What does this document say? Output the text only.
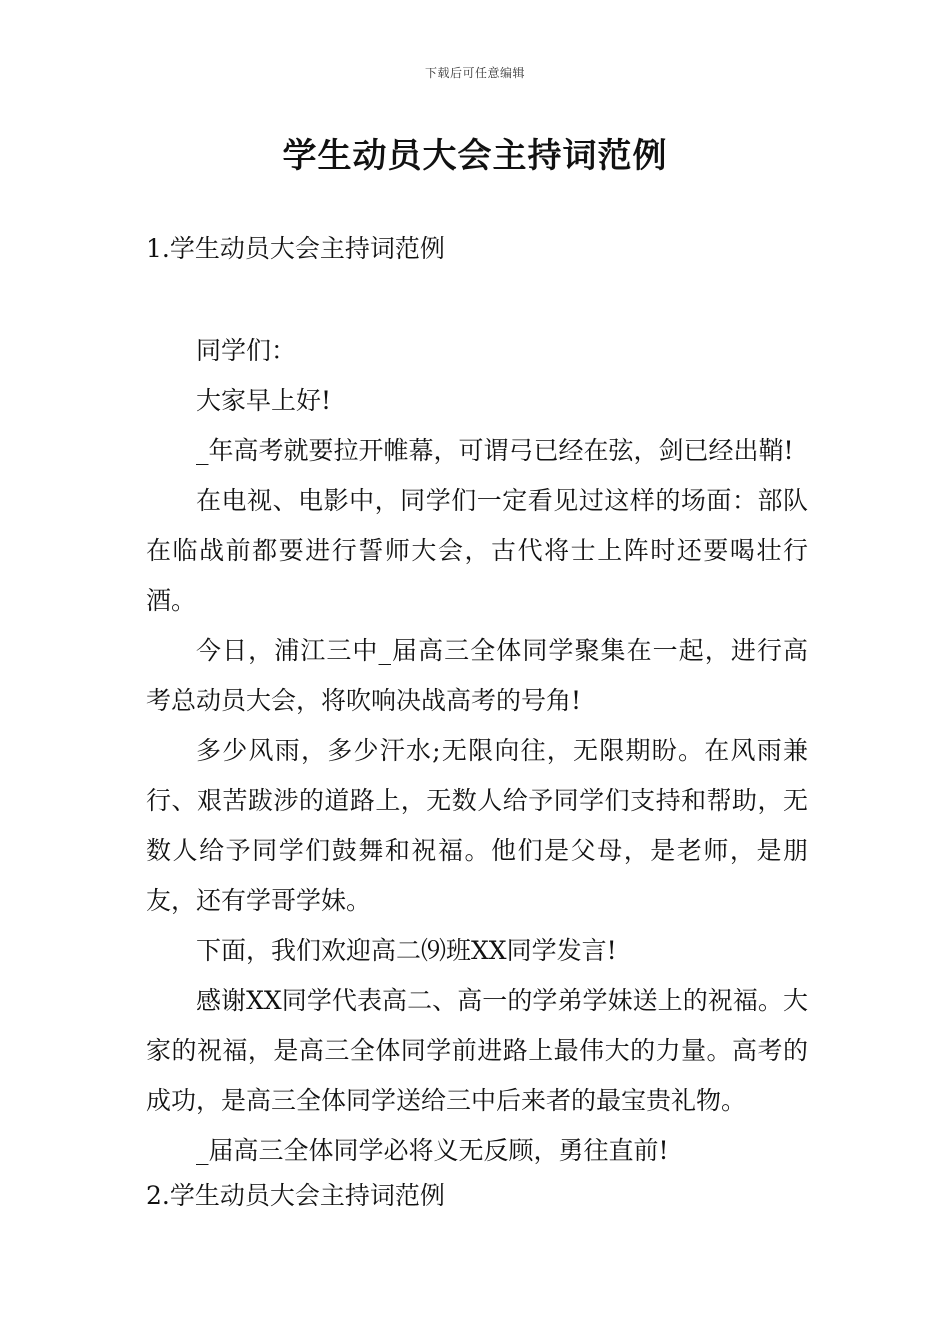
下载后可任意编辑
学生动员大会主持词范例
1.学生动员大会主持词范例

同学们：

大家早上好!

_年高考就要拉开帷幕，可谓弓已经在弦，剑已经出鞘!

在电视、电影中，同学们一定看见过这样的场面：部队在临战前都要进行誓师大会，古代将士上阵时还要喝壮行酒。

今日，浦江三中_届高三全体同学聚集在一起，进行高考总动员大会，将吹响决战高考的号角!

多少风雨，多少汗水;无限向往，无限期盼。在风雨兼行、艰苦跋涉的道路上，无数人给予同学们支持和帮助，无数人给予同学们鼓舞和祝福。他们是父母，是老师，是朋友，还有学哥学妹。

下面，我们欢迎高二⑼班XX同学发言!

感谢XX同学代表高二、高一的学弟学妹送上的祝福。大家的祝福，是高三全体同学前进路上最伟大的力量。高考的成功，是高三全体同学送给三中后来者的最宝贵礼物。

_届高三全体同学必将义无反顾，勇往直前!

2.学生动员大会主持词范例
